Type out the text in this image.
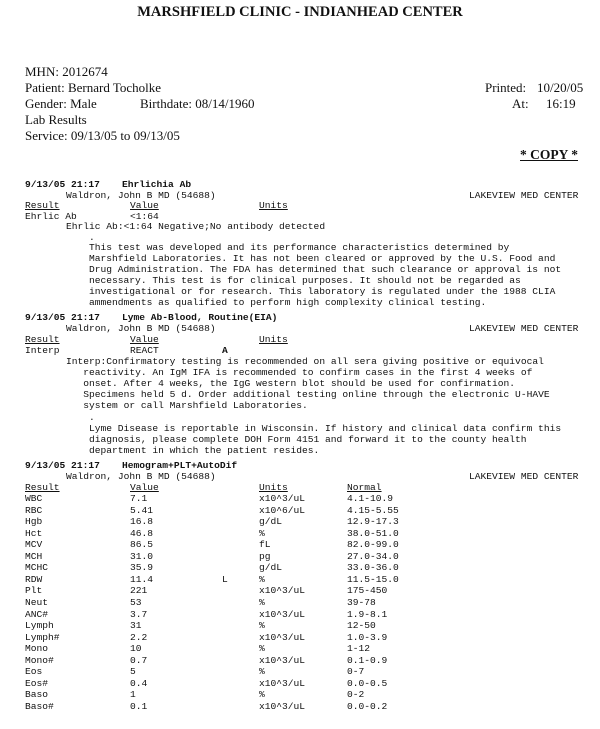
MARSHFIELD CLINIC - INDIANHEAD CENTER
MHN: 2012674
Patient: Bernard Tocholke
Gender: Male	Birthdate: 08/14/1960
Lab Results
Service: 09/13/05 to 09/13/05
Printed: 10/20/05
At: 16:19
* COPY *
9/13/05 21:17 Ehrlichia Ab
Waldron, John B MD (54688)	LAKEVIEW MED CENTER
Result	Value	Units
Ehrlic Ab	<1:64
Ehrlic Ab:<1:64 Negative;No antibody detected
.
This test was developed and its performance characteristics determined by
Marshfield Laboratories. It has not been cleared or approved by the U.S. Food and
Drug Administration. The FDA has determined that such clearance or approval is not
necessary. This test is for clinical purposes. It should not be regarded as
investigational or for research. This laboratory is regulated under the 1988 CLIA
ammendments as qualified to perform high complexity clinical testing.
9/13/05 21:17 Lyme Ab-Blood, Routine(EIA)
Waldron, John B MD (54688)	LAKEVIEW MED CENTER
Result	Value	Units
Interp	REACT	A
Interp:Confirmatory testing is recommended on all sera giving positive or equivocal
reactivity. An IgM IFA is recommended to confirm cases in the first 4 weeks of
onset. After 4 weeks, the IgG western blot should be used for confirmation.
Specimens held 5 d. Order additional testing online through the electronic U-HAVE
system or call Marshfield Laboratories.
.
Lyme Disease is reportable in Wisconsin. If history and clinical data confirm this
diagnosis, please complete DOH Form 4151 and forward it to the county health
department in which the patient resides.
9/13/05 21:17 Hemogram+PLT+AutoDif
Waldron, John B MD (54688)	LAKEVIEW MED CENTER
Result	Value	Units	Normal
WBC	7.1	x10^3/uL	4.1-10.9
RBC	5.41	x10^6/uL	4.15-5.55
Hgb	16.8	g/dL	12.9-17.3
Hct	46.8	%	38.0-51.0
MCV	86.5	fL	82.0-99.0
MCH	31.0	pg	27.0-34.0
MCHC	35.9	g/dL	33.0-36.0
RDW	11.4	L	%	11.5-15.0
Plt	221	x10^3/uL	175-450
Neut	53	%	39-78
ANC#	3.7	x10^3/uL	1.9-8.1
Lymph	31	%	12-50
Lymph#	2.2	x10^3/uL	1.0-3.9
Mono	10	%	1-12
Mono#	0.7	x10^3/uL	0.1-0.9
Eos	5	%	0-7
Eos#	0.4	x10^3/uL	0.0-0.5
Baso	1	%	0-2
Baso#	0.1	x10^3/uL	0.0-0.2
